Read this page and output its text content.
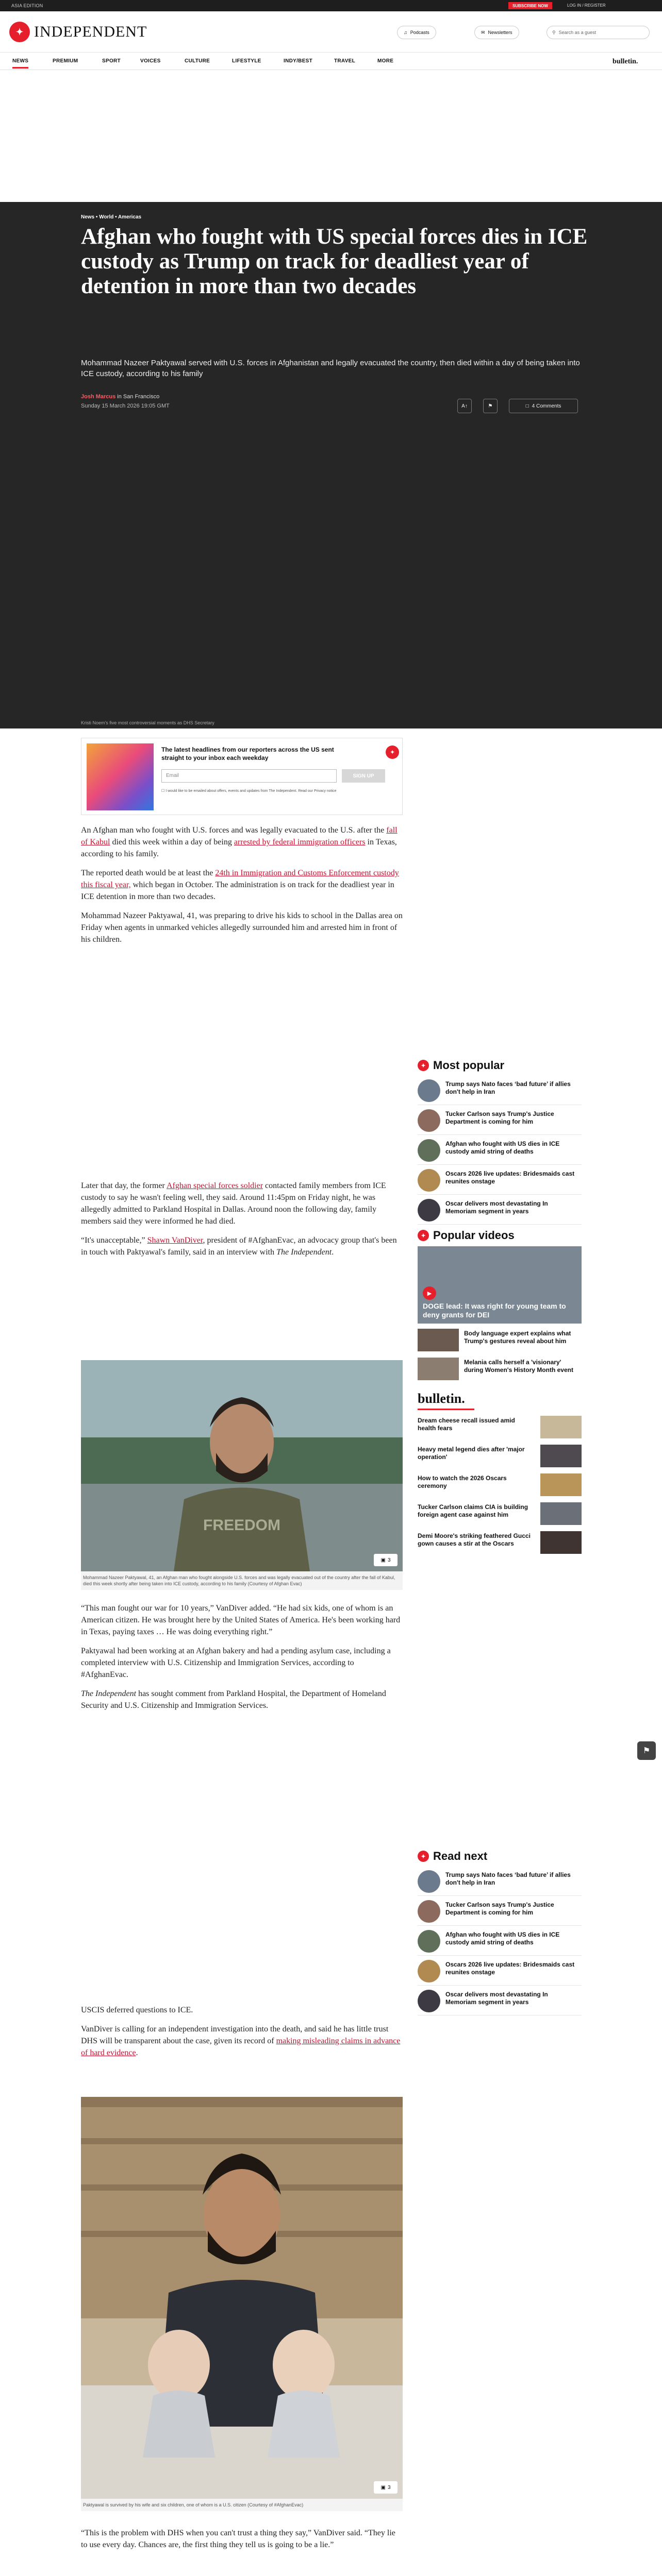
ASIA EDITION	SUBSCRIBE NOW	LOG IN / REGISTER
✦ INDEPENDENT	♫ Podcasts	✉ Newsletters	⚲ Search as a guest
NEWS	PREMIUM	SPORT	VOICES	CULTURE	LIFESTYLE	INDY/BEST	TRAVEL	MORE	bulletin.
News • World • Americas
Afghan who fought with US special forces dies in ICE custody as Trump on track for deadliest year of detention in more than two decades

Mohammad Nazeer Paktyawal served with U.S. forces in Afghanistan and legally evacuated the country, then died within a day of being taken into ICE custody, according to his family

Josh Marcus in San Francisco
Sunday 15 March 2026 19:05 GMT	A↑	⚑	□ 4 Comments
Kristi Noem's five most controversial moments as DHS Secretary
The latest headlines from our reporters across the US sent straight to your inbox each weekday
Email	SIGN UP
☐ I would like to be emailed about offers, events and updates from The Independent. Read our Privacy notice
✦

An Afghan man who fought with U.S. forces and was legally evacuated to the U.S. after the fall of Kabul died this week within a day of being arrested by federal immigration officers in Texas, according to his family.

The reported death would be at least the 24th in Immigration and Customs Enforcement custody this fiscal year, which began in October. The administration is on track for the deadliest year in ICE detention in more than two decades.

Mohammad Nazeer Paktyawal, 41, was preparing to drive his kids to school in the Dallas area on Friday when agents in unmarked vehicles allegedly surrounded him and arrested him in front of his children.

Later that day, the former Afghan special forces soldier contacted family members from ICE custody to say he wasn't feeling well, they said. Around 11:45pm on Friday night, he was allegedly admitted to Parkland Hospital in Dallas. Around noon the following day, family members said they were informed he had died.

“It's unacceptable,” Shawn VanDiver, president of #AfghanEvac, an advocacy group that's been in touch with Paktyawal's family, said in an interview with The Independent.

FREEDOM
▣ 3
Mohammad Nazeer Paktyawal, 41, an Afghan man who fought alongside U.S. forces and was legally evacuated out of the country after the fall of Kabul, died this week shortly after being taken into ICE custody, according to his family (Courtesy of Afghan Evac)

“This man fought our war for 10 years,” VanDiver added. “He had six kids, one of whom is an American citizen. He was brought here by the United States of America. He's been working hard in Texas, paying taxes … He was doing everything right.”

Paktyawal had been working at an Afghan bakery and had a pending asylum case, including a completed interview with U.S. Citizenship and Immigration Services, according to #AfghanEvac.

The Independent has sought comment from Parkland Hospital, the Department of Homeland Security and U.S. Citizenship and Immigration Services.

USCIS deferred questions to ICE.

VanDiver is calling for an independent investigation into the death, and said he has little trust DHS will be transparent about the case, given its record of making misleading claims in advance of hard evidence.

▣ 3
Paktyawal is survived by his wife and six children, one of whom is a U.S. citizen (Courtesy of #AfghanEvac)

“This is the problem with DHS when you can't trust a thing they say,” VanDiver said. “They lie to use every day. Chances are, the first thing they tell us is going to be a lie.”

✦ Most popular
Trump says Nato faces ‘bad future’ if allies don't help in Iran
Tucker Carlson says Trump's Justice Department is coming for him
Afghan who fought with US dies in ICE custody amid string of deaths
Oscars 2026 live updates: Bridesmaids cast reunites onstage
Oscar delivers most devastating In Memoriam segment in years
✦ Popular videos
▶
DOGE lead: It was right for young team to deny grants for DEI
Body language expert explains what Trump's gestures reveal about him
Melania calls herself a 'visionary' during Women's History Month event
bulletin.
Dream cheese recall issued amid health fears
Heavy metal legend dies after 'major operation'
How to watch the 2026 Oscars ceremony
Tucker Carlson claims CIA is building foreign agent case against him
Demi Moore's striking feathered Gucci gown causes a stir at the Oscars
✦ Read next
Trump says Nato faces ‘bad future’ if allies don't help in Iran
Tucker Carlson says Trump's Justice Department is coming for him
Afghan who fought with US dies in ICE custody amid string of deaths
Oscars 2026 live updates: Bridesmaids cast reunites onstage
Oscar delivers most devastating In Memoriam segment in years
⚑
